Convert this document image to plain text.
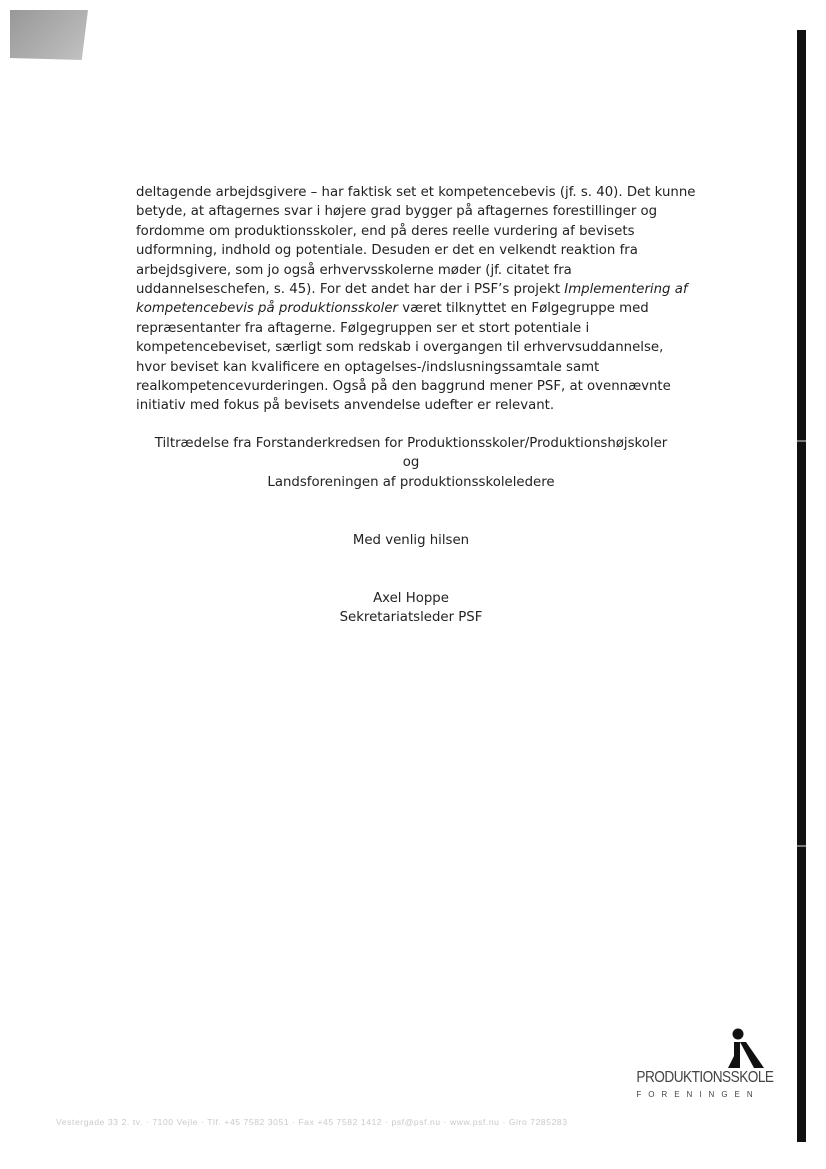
deltagende arbejdsgivere – har faktisk set et kompetencebevis (jf. s. 40). Det kunne betyde, at aftagernes svar i højere grad bygger på aftagernes forestillinger og fordomme om produktionsskoler, end på deres reelle vurdering af bevisets udformning, indhold og potentiale. Desuden er det en velkendt reaktion fra arbejdsgivere, som jo også erhvervsskolerne møder (jf. citatet fra uddannelseschefen, s. 45). For det andet har der i PSF’s projekt Implementering af kompetencebevis på produktionsskoler været tilknyttet en Følgegruppe med repræsentanter fra aftagerne. Følgegruppen ser et stort potentiale i kompetencebeviset, særligt som redskab i overgangen til erhvervsuddannelse, hvor beviset kan kvalificere en optagelses-/indslusningssamtale samt realkompetencevurderingen. Også på den baggrund mener PSF, at ovennævnte initiativ med fokus på bevisets anvendelse udefter er relevant.

Tiltrædelse fra Forstanderkredsen for Produktionsskoler/Produktionshøjskoler
og
Landsforeningen af produktionsskoleledere
Med venlig hilsen
Axel Hoppe
Sekretariatsleder PSF
PRODUKTIONSSKOLE
FORENINGEN
Vestergade 33 2. tv. · 7100 Vejle · Tlf. +45 7582 3051 · Fax +45 7582 1412 · psf@psf.nu · www.psf.nu · Giro 7285283
